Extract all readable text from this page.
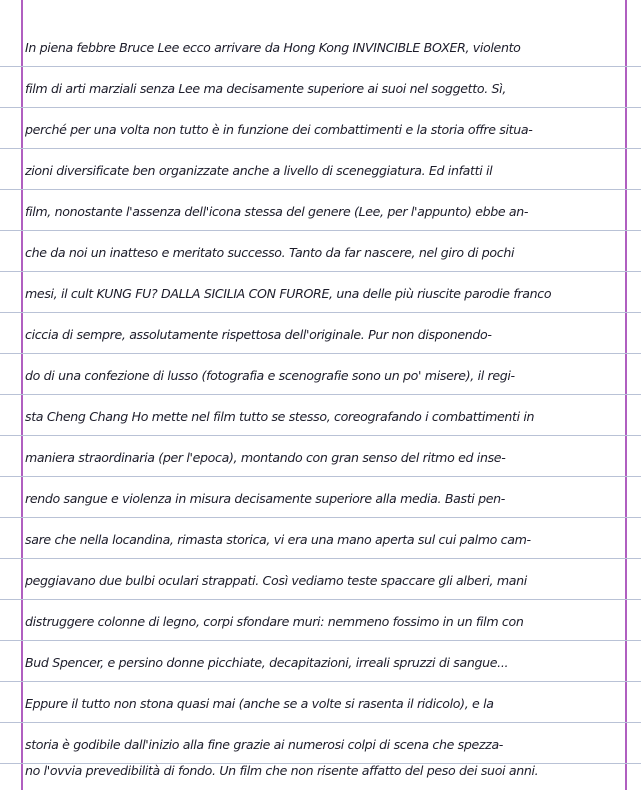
In piena febbre Bruce Lee ecco arrivare da Hong Kong INVINCIBLE BOXER, violento
film di arti marziali senza Lee ma decisamente superiore ai suoi nel soggetto. Sì,
perché per una volta non tutto è in funzione dei combattimenti e la storia offre situa-
zioni diversificate ben organizzate anche a livello di sceneggiatura. Ed infatti il
film, nonostante l'assenza dell'icona stessa del genere (Lee, per l'appunto) ebbe an-
che da noi un inatteso e meritato successo. Tanto da far nascere, nel giro di pochi
mesi, il cult KUNG FU? DALLA SICILIA CON FURORE, una delle più riuscite parodie franco
ciccia di sempre, assolutamente rispettosa dell'originale. Pur non disponendo-
do di una confezione di lusso (fotografia e scenografie sono un po' misere), il regi-
sta Cheng Chang Ho mette nel film tutto se stesso, coreografando i combattimenti in
maniera straordinaria (per l'epoca), montando con gran senso del ritmo ed inse-
rendo sangue e violenza in misura decisamente superiore alla media. Basti pen-
sare che nella locandina, rimasta storica, vi era una mano aperta sul cui palmo cam-
peggiavano due bulbi oculari strappati. Così vediamo teste spaccare gli alberi, mani
distruggere colonne di legno, corpi sfondare muri: nemmeno fossimo in un film con
Bud Spencer, e persino donne picchiate, decapitazioni, irreali spruzzi di sangue...
Eppure il tutto non stona quasi mai (anche se a volte si rasenta il ridicolo), e la
storia è godibile dall'inizio alla fine grazie ai numerosi colpi di scena che spezza-
no l'ovvia prevedibilità di fondo. Un film che non risente affatto del peso dei suoi anni.
